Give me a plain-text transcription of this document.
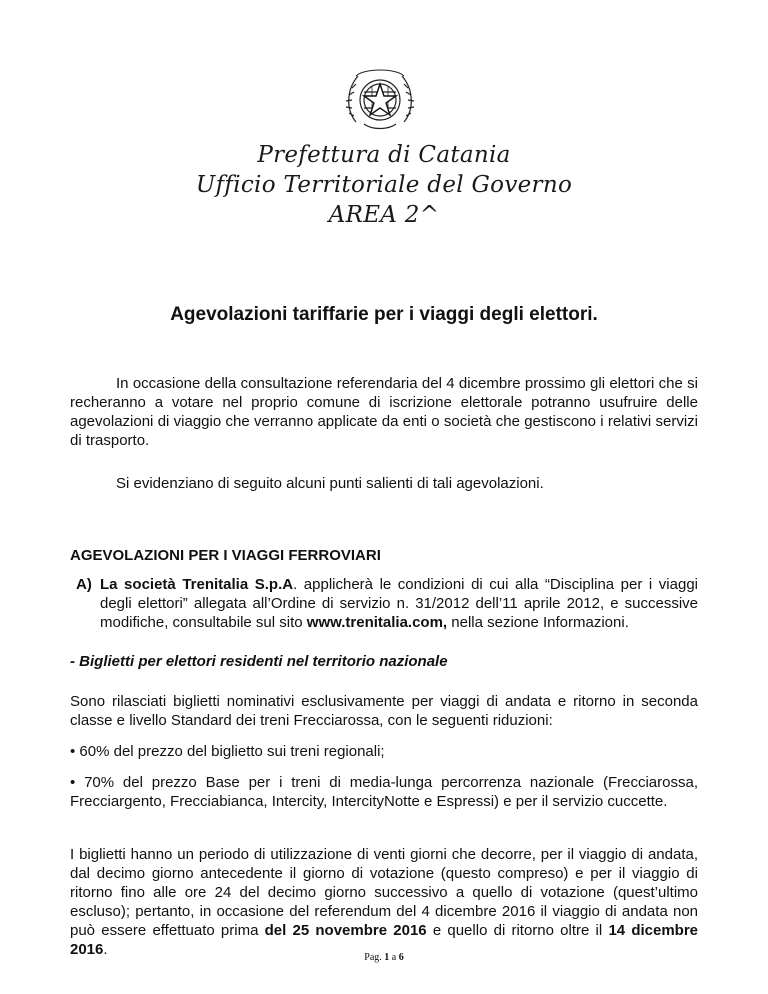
Prefettura di Catania
Ufficio Territoriale del Governo
AREA 2^
Agevolazioni tariffarie per i viaggi degli elettori.
In occasione della consultazione referendaria del 4 dicembre prossimo gli elettori che si recheranno a votare nel proprio comune di iscrizione elettorale potranno usufruire delle agevolazioni di viaggio che verranno applicate da enti o società che gestiscono i relativi servizi di trasporto.
Si evidenziano di seguito alcuni punti salienti di tali agevolazioni.
AGEVOLAZIONI PER I VIAGGI FERROVIARI
A) La società Trenitalia S.p.A. applicherà le condizioni di cui alla “Disciplina per i viaggi degli elettori” allegata all’Ordine di servizio n. 31/2012 dell’11 aprile 2012, e successive modifiche, consultabile sul sito www.trenitalia.com, nella sezione Informazioni.
- Biglietti per elettori residenti nel territorio nazionale
Sono rilasciati biglietti nominativi esclusivamente per viaggi di andata e ritorno in seconda classe e livello Standard dei treni Frecciarossa, con le seguenti riduzioni:
• 60% del prezzo del biglietto sui treni regionali;
• 70% del prezzo Base per i treni di media-lunga percorrenza nazionale (Frecciarossa, Frecciargento, Frecciabianca, Intercity, IntercityNotte e Espressi) e per il servizio cuccette.
I biglietti hanno un periodo di utilizzazione di venti giorni che decorre, per il viaggio di andata, dal decimo giorno antecedente il giorno di votazione (questo compreso) e per il viaggio di ritorno fino alle ore 24 del decimo giorno successivo a quello di votazione (quest’ultimo escluso); pertanto, in occasione del referendum del 4 dicembre 2016 il viaggio di andata non può essere effettuato prima del 25 novembre 2016 e quello di ritorno oltre il 14 dicembre 2016.	Pag. 1 a 6
